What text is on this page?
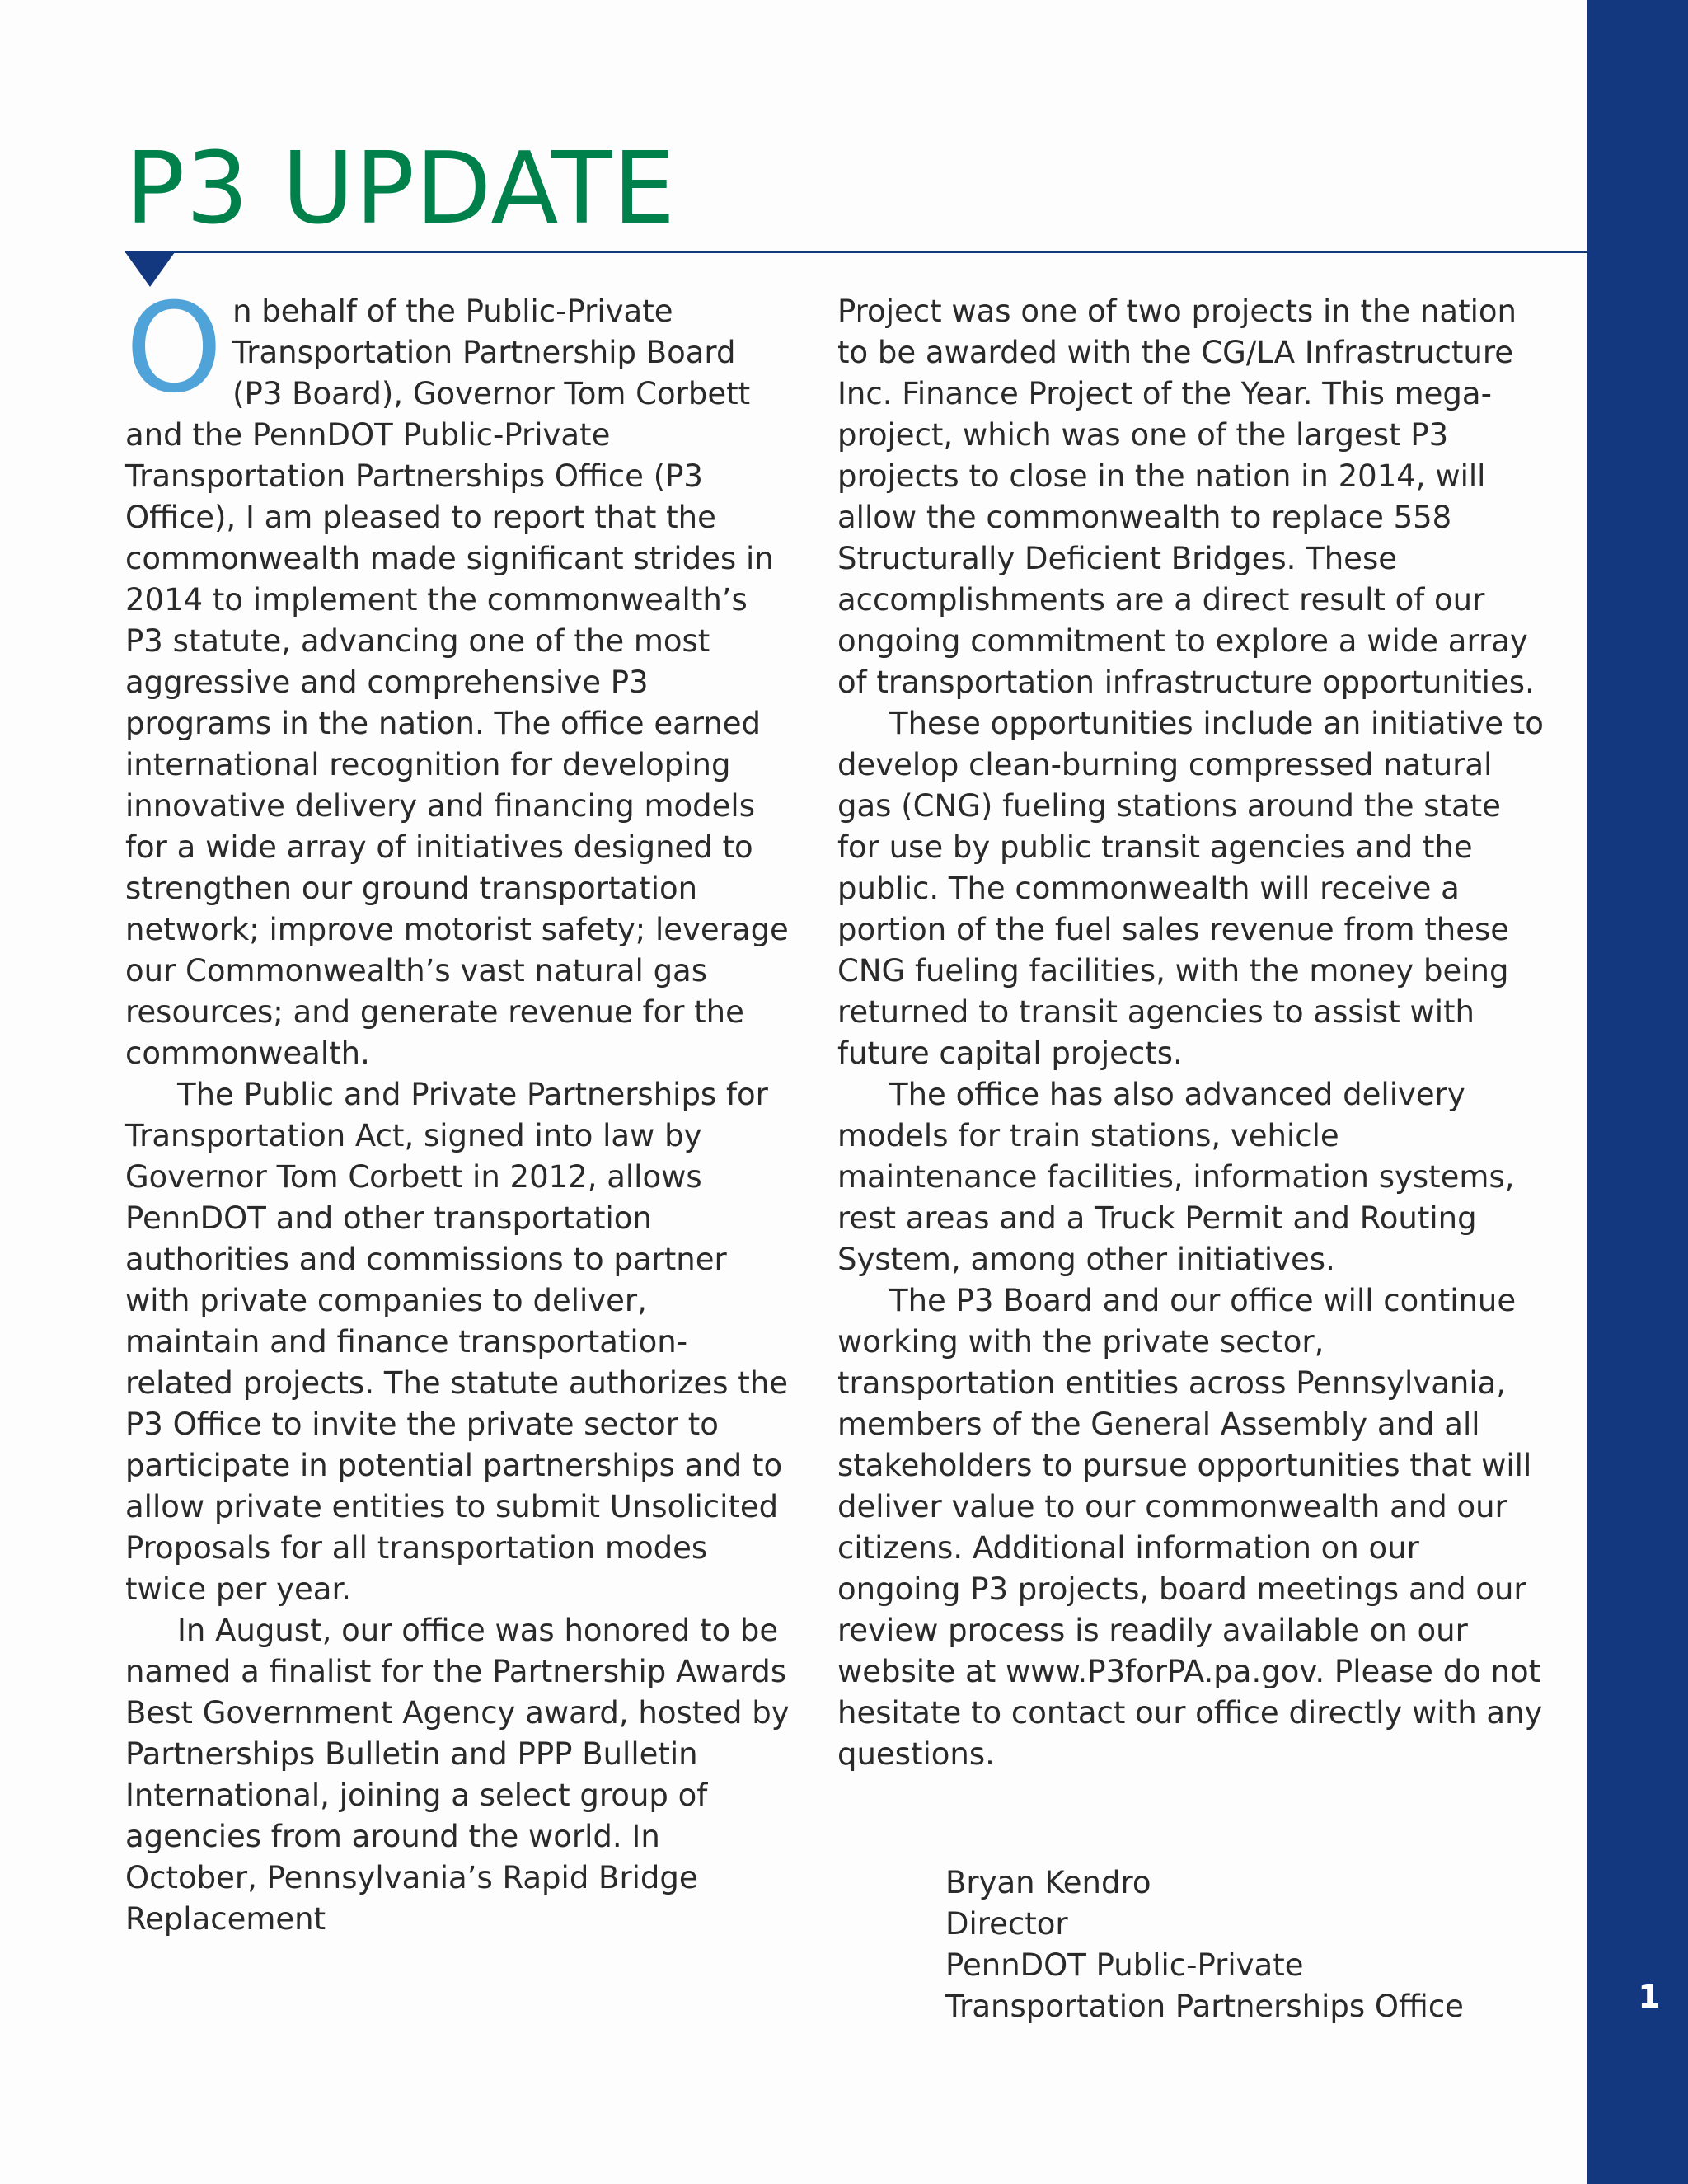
1
P3 UPDATE

On behalf of the Public-Private Transportation Partnership Board (P3 Board), Governor Tom Corbett and the PennDOT Public-Private Transportation Partnerships Office (P3 Office), I am pleased to report that the commonwealth made significant strides in 2014 to implement the commonwealth’s P3 statute, advancing one of the most aggressive and comprehensive P3 programs in the nation. The office earned international recognition for developing innovative delivery and financing models for a wide array of initiatives designed to strengthen our ground transportation network; improve motorist safety; leverage our Commonwealth’s vast natural gas resources; and generate revenue for the commonwealth.

The Public and Private Partnerships for Transportation Act, signed into law by Governor Tom Corbett in 2012, allows PennDOT and other transportation authorities and commissions to partner with private companies to deliver, maintain and finance transportation-related projects. The statute authorizes the P3 Office to invite the private sector to participate in potential partnerships and to allow private entities to submit Unsolicited Proposals for all transportation modes twice per year.

In August, our office was honored to be named a finalist for the Partnership Awards Best Government Agency award, hosted by Partnerships Bulletin and PPP Bulletin International, joining a select group of agencies from around the world. In October, Pennsylvania’s Rapid Bridge Replacement

Project was one of two projects in the nation to be awarded with the CG/LA Infrastructure Inc. Finance Project of the Year. This mega-project, which was one of the largest P3 projects to close in the nation in 2014, will allow the commonwealth to replace 558 Structurally Deficient Bridges. These accomplishments are a direct result of our ongoing commitment to explore a wide array of transportation infrastructure opportunities.

These opportunities include an initiative to develop clean-burning compressed natural gas (CNG) fueling stations around the state for use by public transit agencies and the public. The commonwealth will receive a portion of the fuel sales revenue from these CNG fueling facilities, with the money being returned to transit agencies to assist with future capital projects.

The office has also advanced delivery models for train stations, vehicle maintenance facilities, information systems, rest areas and a Truck Permit and Routing System, among other initiatives.

The P3 Board and our office will continue working with the private sector, transportation entities across Pennsylvania, members of the General Assembly and all stakeholders to pursue opportunities that will deliver value to our commonwealth and our citizens. Additional information on our ongoing P3 projects, board meetings and our review process is readily available on our website at www.P3forPA.pa.gov. Please do not hesitate to contact our office directly with any questions.

Bryan Kendro
Director
PennDOT Public-Private
Transportation Partnerships Office
